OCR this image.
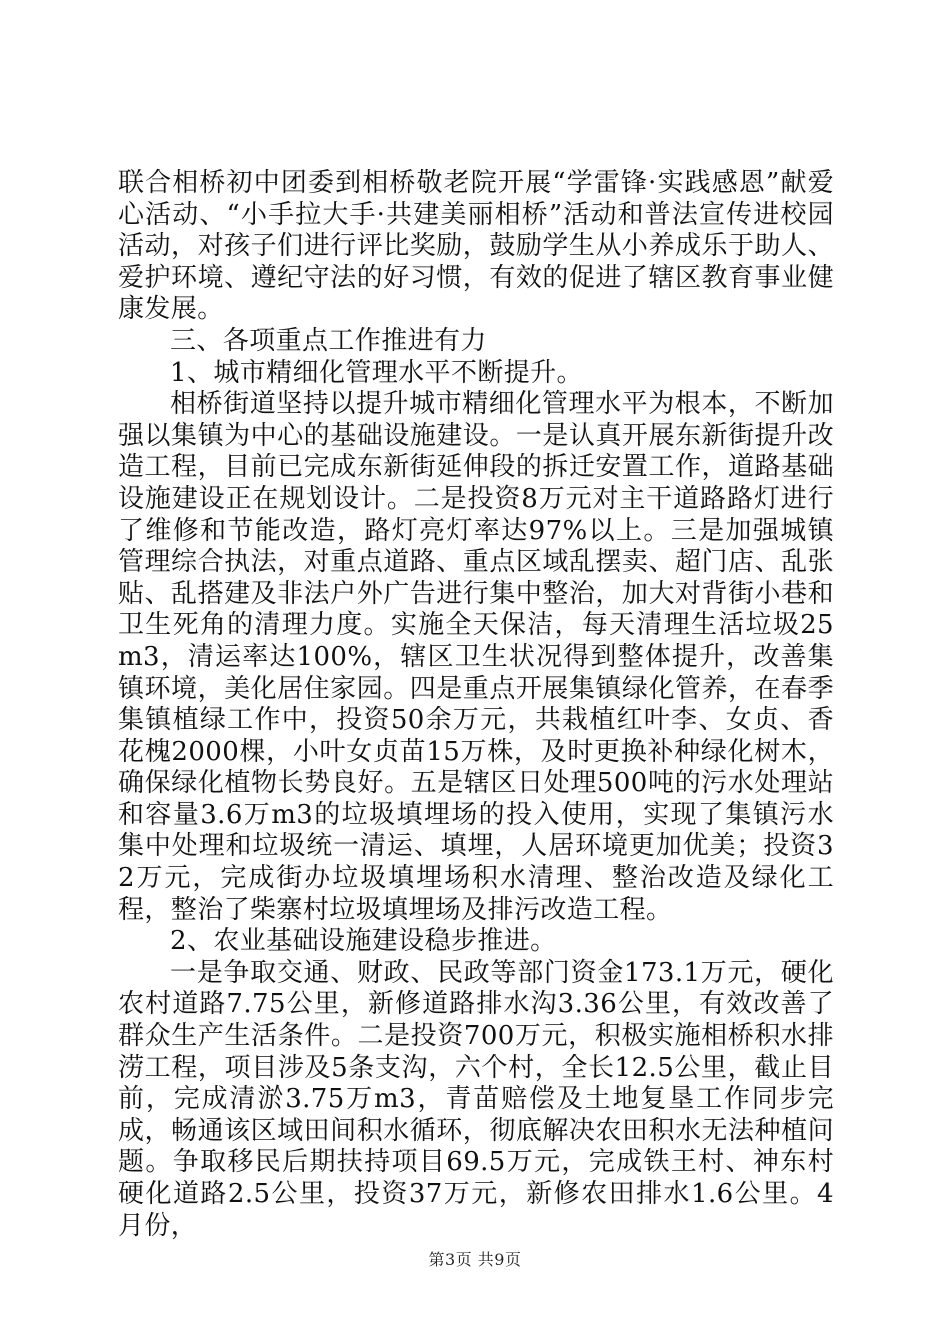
联合相桥初中团委到相桥敬老院开展“学雷锋·实践感恩”献爱心活动、“小手拉大手·共建美丽相桥”活动和普法宣传进校园活动，对孩子们进行评比奖励，鼓励学生从小养成乐于助人、爱护环境、遵纪守法的好习惯，有效的促进了辖区教育事业健康发展。

三、各项重点工作推进有力

1、城市精细化管理水平不断提升。

相桥街道坚持以提升城市精细化管理水平为根本，不断加强以集镇为中心的基础设施建设。一是认真开展东新街提升改造工程，目前已完成东新街延伸段的拆迁安置工作，道路基础设施建设正在规划设计。二是投资8万元对主干道路路灯进行了维修和节能改造，路灯亮灯率达97%以上。三是加强城镇管理综合执法，对重点道路、重点区域乱摆卖、超门店、乱张贴、乱搭建及非法户外广告进行集中整治，加大对背街小巷和卫生死角的清理力度。实施全天保洁，每天清理生活垃圾25m3，清运率达100%，辖区卫生状况得到整体提升，改善集镇环境，美化居住家园。四是重点开展集镇绿化管养，在春季集镇植绿工作中，投资50余万元，共栽植红叶李、女贞、香花槐2000棵，小叶女贞苗15万株，及时更换补种绿化树木，确保绿化植物长势良好。五是辖区日处理500吨的污水处理站和容量3.6万m3的垃圾填埋场的投入使用，实现了集镇污水集中处理和垃圾统一清运、填埋，人居环境更加优美；投资32万元，完成街办垃圾填埋场积水清理、整治改造及绿化工程，整治了柴寨村垃圾填埋场及排污改造工程。

2、农业基础设施建设稳步推进。

一是争取交通、财政、民政等部门资金173.1万元，硬化农村道路7.75公里，新修道路排水沟3.36公里，有效改善了群众生产生活条件。二是投资700万元，积极实施相桥积水排涝工程，项目涉及5条支沟，六个村，全长12.5公里，截止目前，完成清淤3.75万m3，青苗赔偿及土地复垦工作同步完成，畅通该区域田间积水循环，彻底解决农田积水无法种植问题。争取移民后期扶持项目69.5万元，完成铁王村、神东村硬化道路2.5公里，投资37万元，新修农田排水1.6公里。4月份，

第3页 共9页
